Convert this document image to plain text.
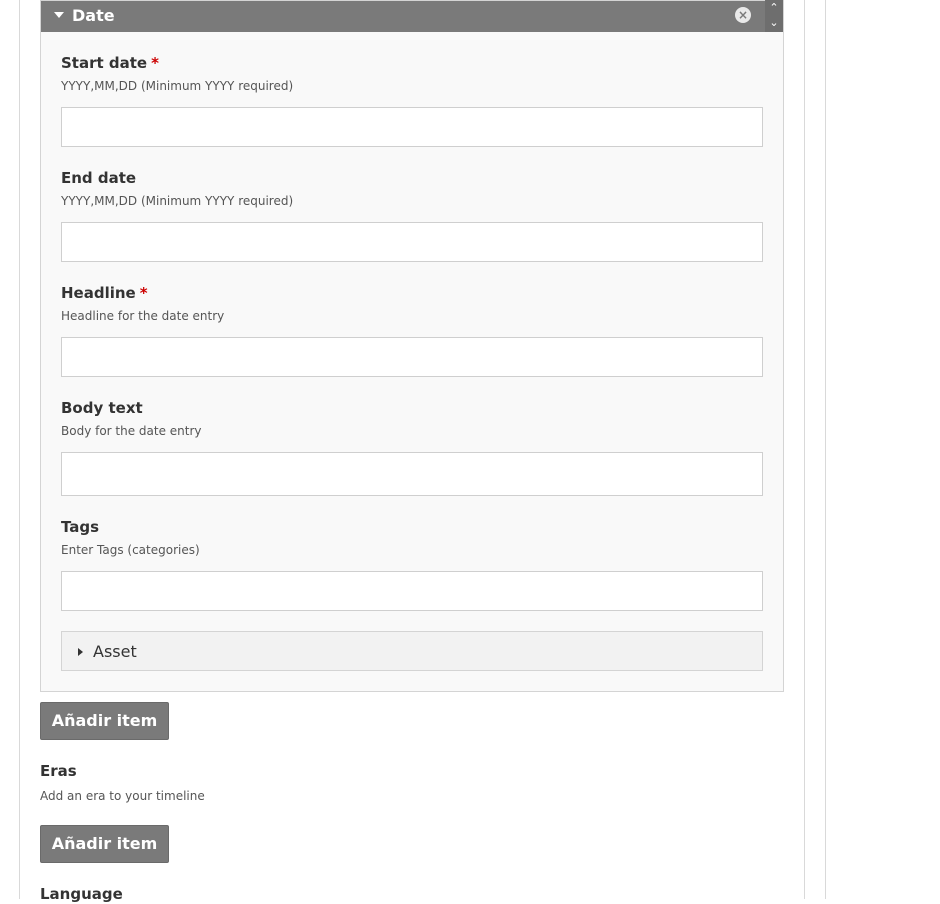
Date	×
⌃
⌄
Start date *
YYYY,MM,DD (Minimum YYYY required)
End date
YYYY,MM,DD (Minimum YYYY required)
Headline *
Headline for the date entry
Body text
Body for the date entry
Tags
Enter Tags (categories)
Asset
Añadir item
Eras
Add an era to your timeline
Añadir item
Language
